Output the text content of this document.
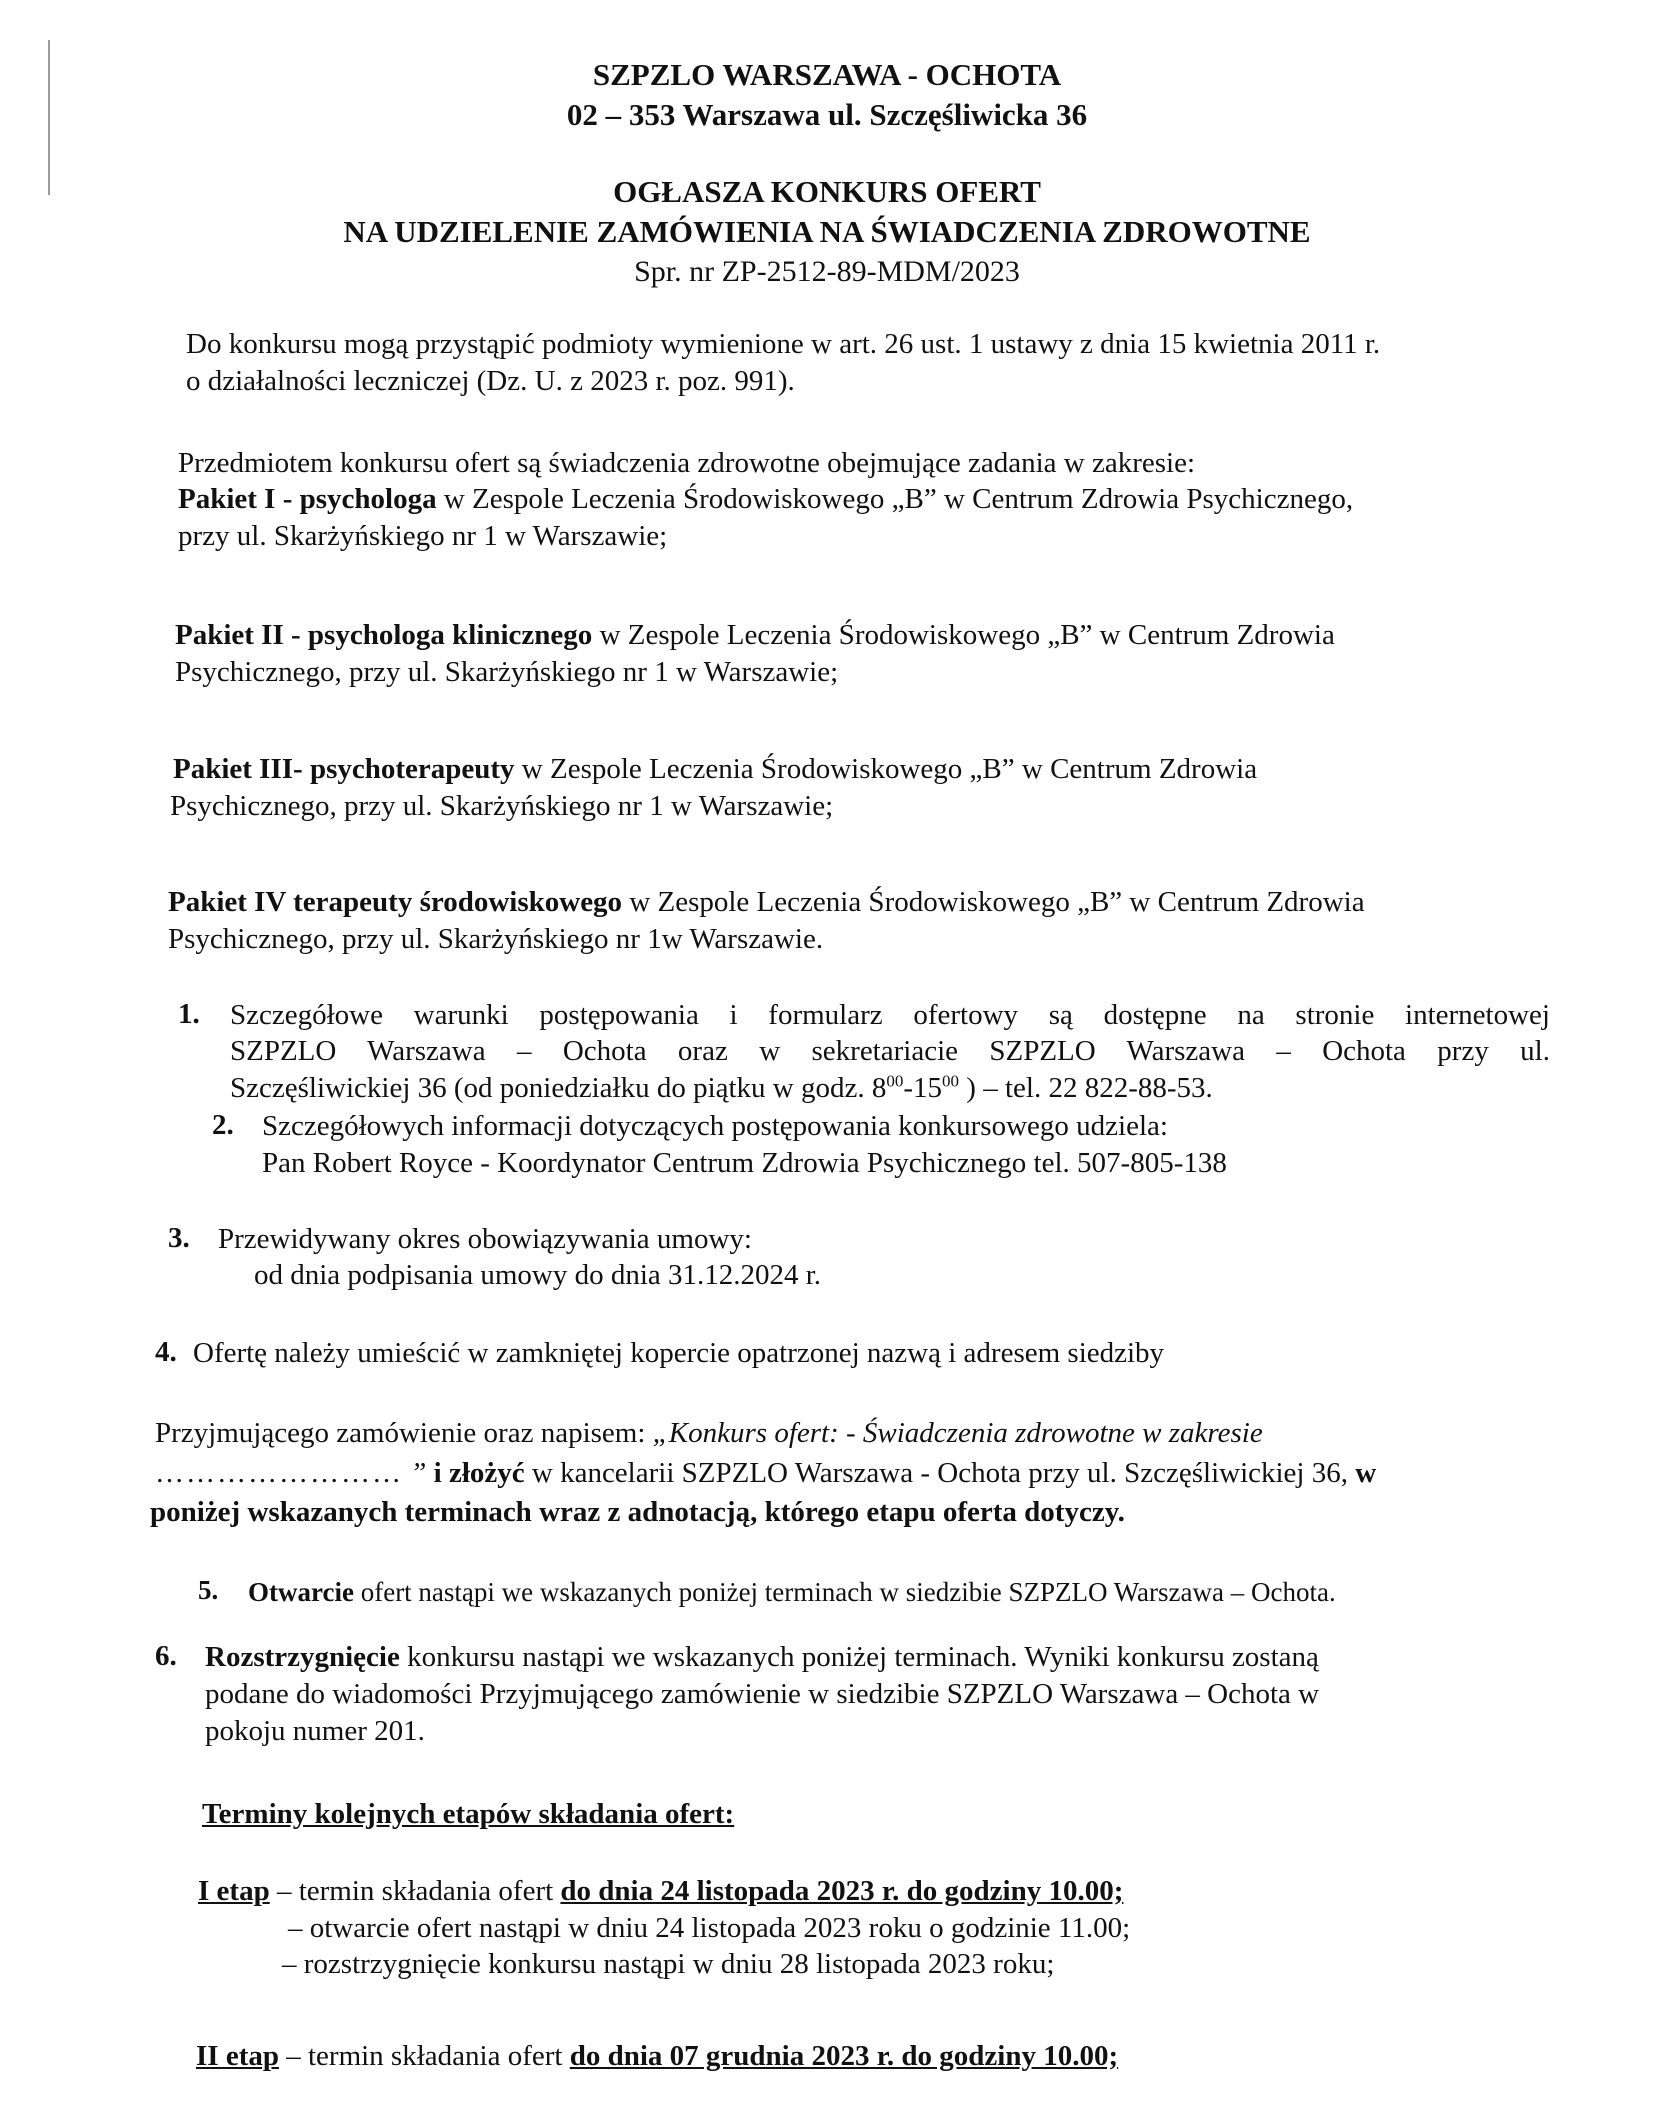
SZPZLO WARSZAWA - OCHOTA
02 – 353 Warszawa ul. Szczęśliwicka 36
OGŁASZA KONKURS OFERT
NA UDZIELENIE ZAMÓWIENIA NA ŚWIADCZENIA ZDROWOTNE
Spr. nr ZP-2512-89-MDM/2023
Do konkursu mogą przystąpić podmioty wymienione w art. 26 ust. 1 ustawy z dnia 15 kwietnia 2011 r.
o działalności leczniczej (Dz. U. z 2023 r. poz. 991).
Przedmiotem konkursu ofert są świadczenia zdrowotne obejmujące zadania w zakresie:
Pakiet I - psychologa w Zespole Leczenia Środowiskowego „B” w Centrum Zdrowia Psychicznego,
przy ul. Skarżyńskiego nr 1 w Warszawie;
Pakiet II - psychologa klinicznego w Zespole Leczenia Środowiskowego „B” w Centrum Zdrowia
Psychicznego, przy ul. Skarżyńskiego nr 1 w Warszawie;
Pakiet III- psychoterapeuty w Zespole Leczenia Środowiskowego „B” w Centrum Zdrowia
Psychicznego, przy ul. Skarżyńskiego nr 1 w Warszawie;
Pakiet IV terapeuty środowiskowego w Zespole Leczenia Środowiskowego „B” w Centrum Zdrowia
Psychicznego, przy ul. Skarżyńskiego nr 1w Warszawie.
1. Szczegółowe warunki postępowania i formularz ofertowy są dostępne na stronie internetowej
SZPZLO Warszawa – Ochota oraz w sekretariacie SZPZLO Warszawa – Ochota przy ul.
Szczęśliwickiej 36 (od poniedziałku do piątku w godz. $8^{00}-15^{00}$ ) – tel. 22 822-88-53.
2. Szczegółowych informacji dotyczących postępowania konkursowego udziela:
Pan Robert Royce - Koordynator Centrum Zdrowia Psychicznego tel. 507-805-138
3. Przewidywany okres obowiązywania umowy:
od dnia podpisania umowy do dnia 31.12.2024 r.
4. Ofertę należy umieścić w zamkniętej kopercie opatrzonej nazwą i adresem siedziby
Przyjmującego zamówienie oraz napisem: „Konkurs ofert: - Świadczenia zdrowotne w zakresie
…………………… ” i złożyć w kancelarii SZPZLO Warszawa - Ochota przy ul. Szczęśliwickiej 36, w
poniżej wskazanych terminach wraz z adnotacją, którego etapu oferta dotyczy.
5. Otwarcie ofert nastąpi we wskazanych poniżej terminach w siedzibie SZPZLO Warszawa – Ochota.
6. Rozstrzygnięcie konkursu nastąpi we wskazanych poniżej terminach. Wyniki konkursu zostaną
podane do wiadomości Przyjmującego zamówienie w siedzibie SZPZLO Warszawa – Ochota w
pokoju numer 201.
Terminy kolejnych etapów składania ofert:
I etap – termin składania ofert do dnia 24 listopada 2023 r. do godziny 10.00;
– otwarcie ofert nastąpi w dniu 24 listopada 2023 roku o godzinie 11.00;
– rozstrzygnięcie konkursu nastąpi w dniu 28 listopada 2023 roku;
II etap – termin składania ofert do dnia 07 grudnia 2023 r. do godziny 10.00;
